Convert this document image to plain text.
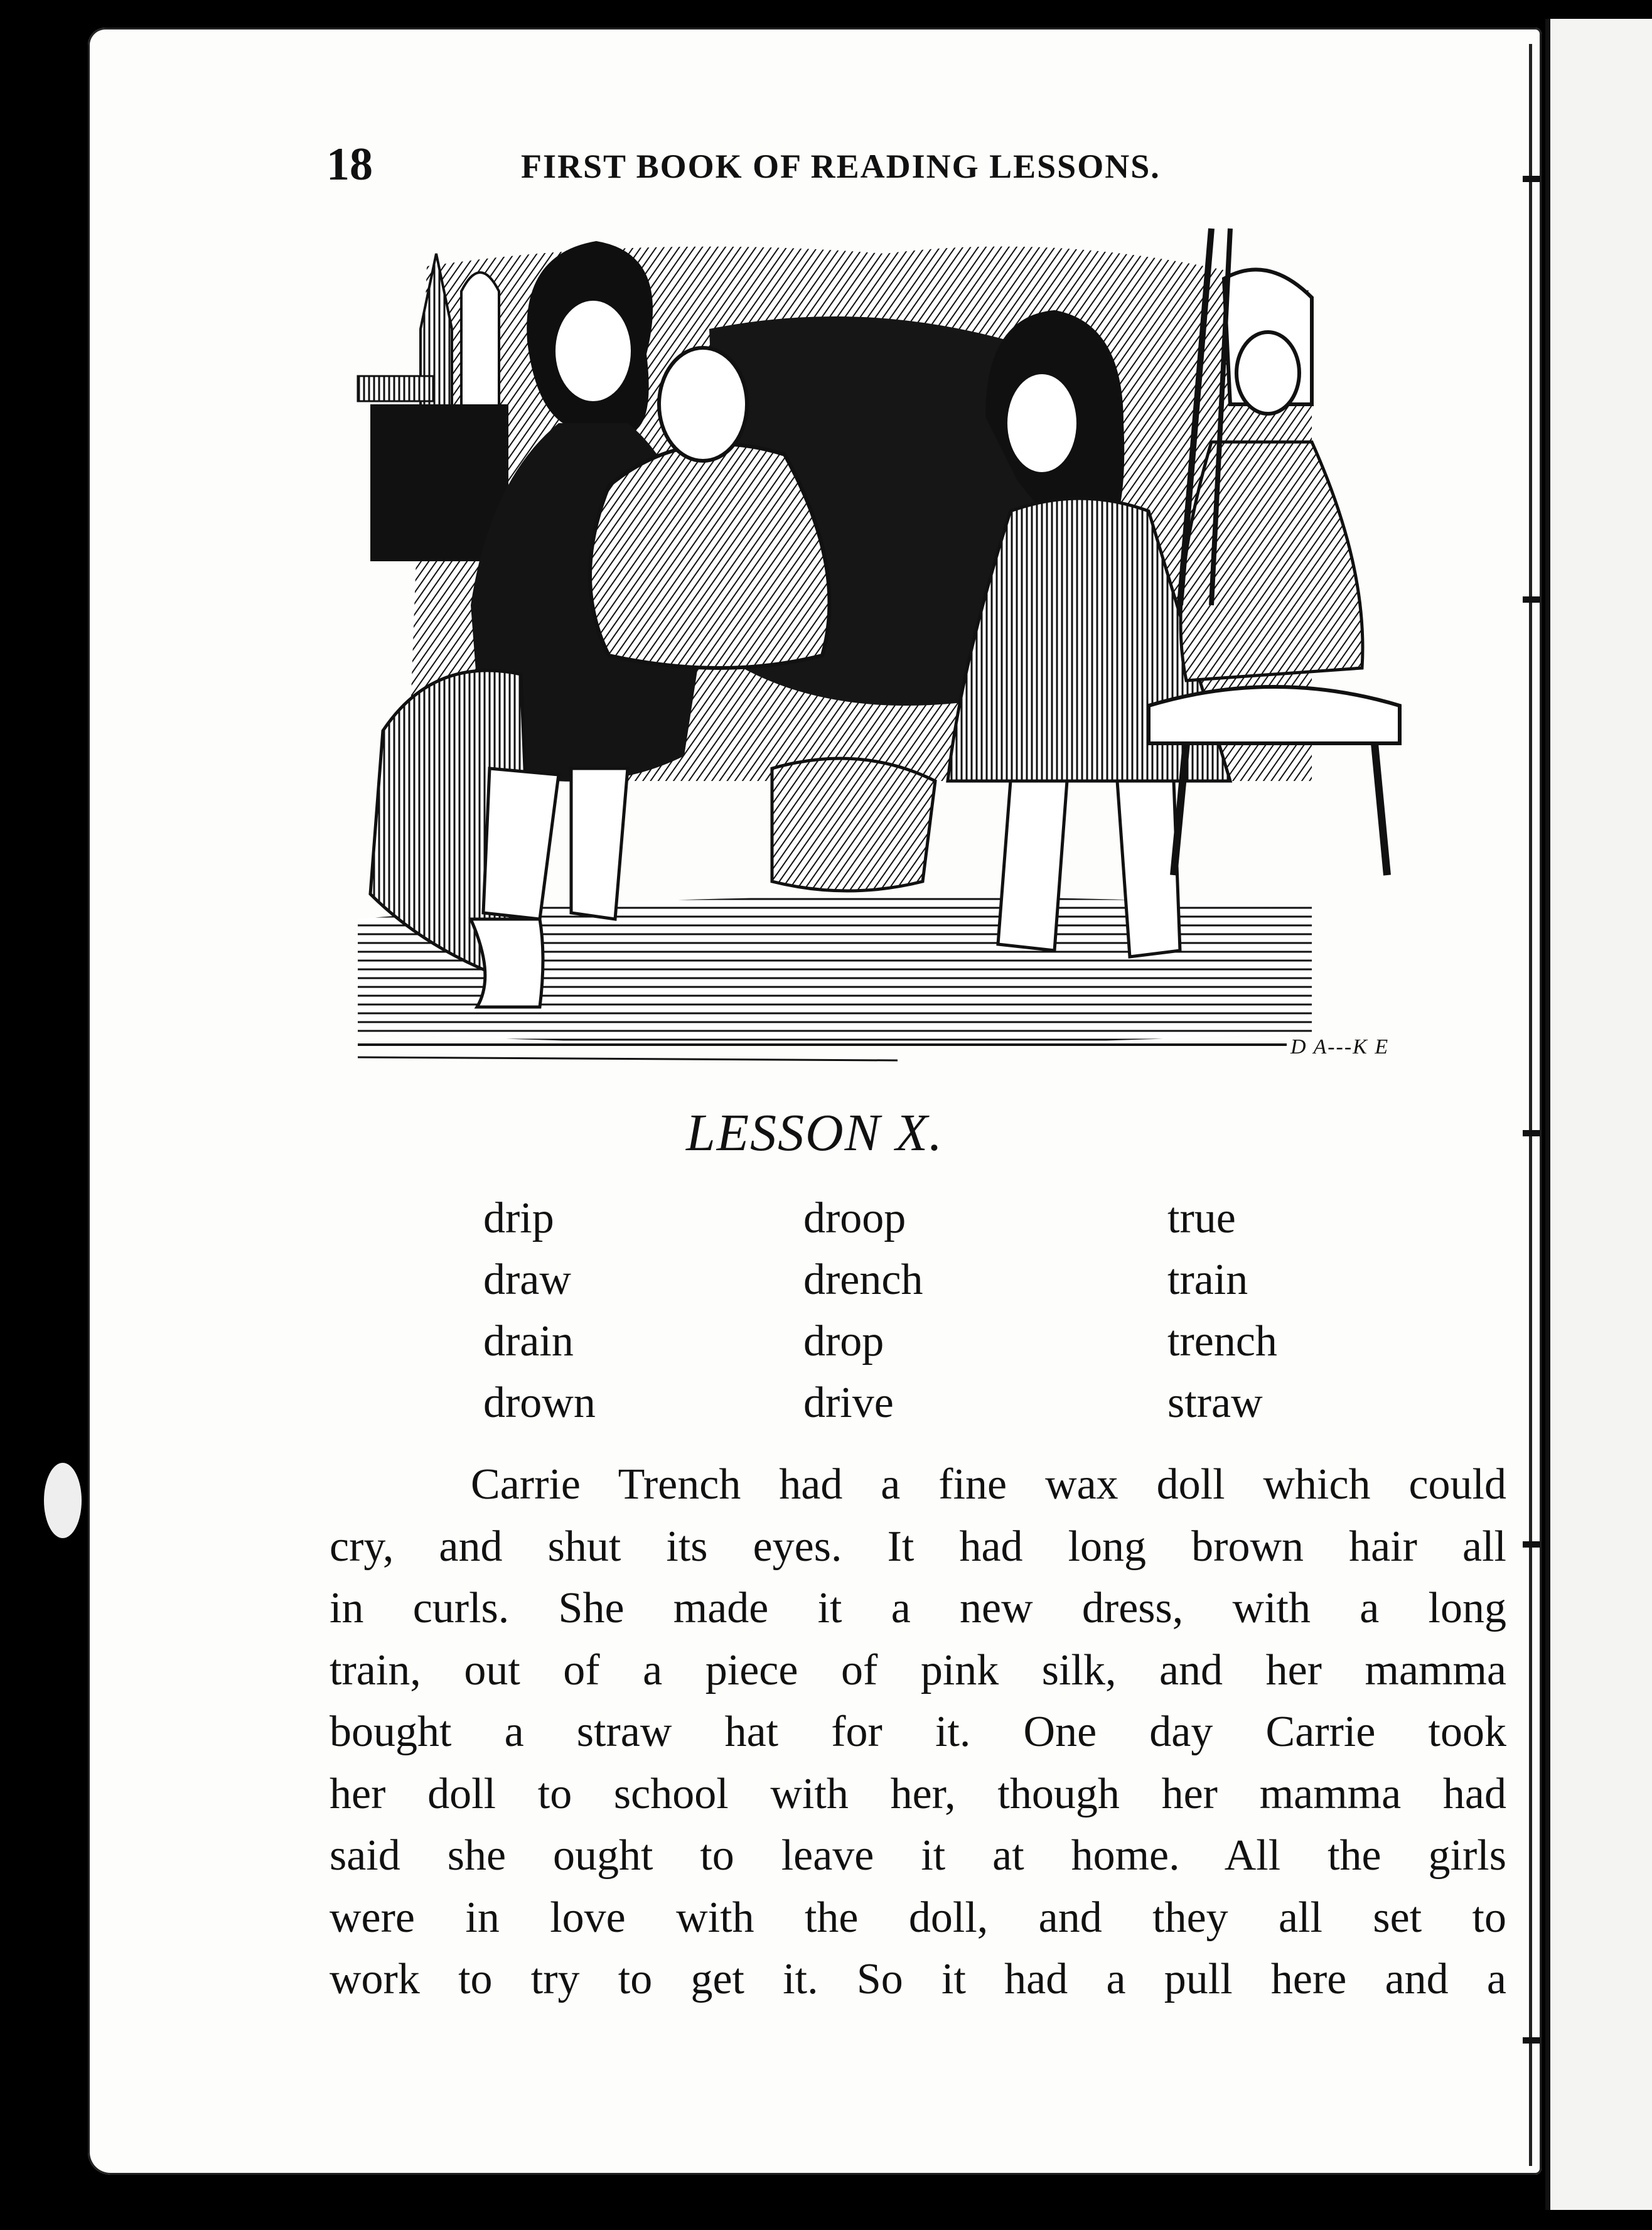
18	FIRST BOOK OF READING LESSONS.
D A---K E
LESSON X.
drip
draw
drain
drown
droop
drench
drop
drive
true
train
trench
straw
Carrie Trench had a fine wax doll which could
cry, and shut its eyes. It had long brown hair all
in curls. She made it a new dress, with a long
train, out of a piece of pink silk, and her mamma
bought a straw hat for it. One day Carrie took
her doll to school with her, though her mamma had
said she ought to leave it at home. All the girls
were in love with the doll, and they all set to
work to try to get it. So it had a pull here and a
